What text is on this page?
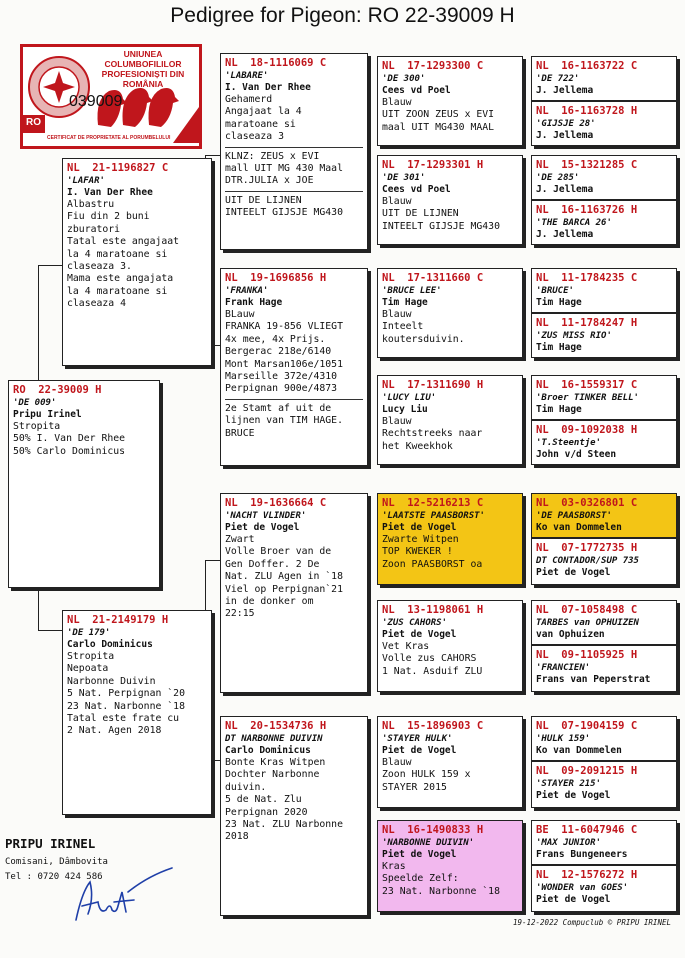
Pedigree for Pigeon: RO 22-39009 H
UNIUNEA COLUMBOFILILOR
PROFESIONIȘTI DIN ROMÂNIA
039009
RO
2022
CERTIFICAT DE PROPRIETATE AL PORUMBELULUI
RO  22-39009 H
'DE 009'
Pripu Irinel
Stropita
50% I. Van Der Rhee
50% Carlo Dominicus
NL  21-1196827 C
'LAFAR'
I. Van Der Rhee
Albastru
Fiu din 2 buni
zburatori
Tatal este angajaat
la 4 maratoane si
claseaza 3.
Mama este angajata
la 4 maratoane si
claseaza 4
NL  21-2149179 H
'DE 179'
Carlo Dominicus
Stropita
Nepoata
Narbonne Duivin
5 Nat. Perpignan `20
23 Nat. Narbonne `18
Tatal este frate cu
2 Nat. Agen 2018
NL  18-1116069 C
'LABARE'
I. Van Der Rhee
Gehamerd
Angajaat la 4
maratoane si
claseaza 3
KLNZ: ZEUS x EVI
mall UIT MG 430 Maal
DTR.JULIA x JOE
UIT DE LIJNEN
INTEELT GIJSJE MG430
NL  19-1696856 H
'FRANKA'
Frank Hage
BLauw
FRANKA 19-856 VLIEGT
4x mee, 4x Prijs.
Bergerac 218e/6140
Mont Marsan106e/1051
Marseille 372e/4310
Perpignan 900e/4873
2e Stamt af uit de
lijnen van TIM HAGE.
BRUCE
NL  19-1636664 C
'NACHT VLINDER'
Piet de Vogel
Zwart
Volle Broer van de
Gen Doffer. 2 De
Nat. ZLU Agen in `18
Viel op Perpignan`21
in de donker om
22:15
NL  20-1534736 H
DT NARBONNE DUIVIN
Carlo Dominicus
Bonte Kras Witpen
Dochter Narbonne
duivin.
5 de Nat. Zlu
Perpignan 2020
23 Nat. ZLU Narbonne
2018
NL  17-1293300 C
'DE 300'
Cees vd Poel
Blauw
UIT ZOON ZEUS x EVI
maal UIT MG430 MAAL
NL  17-1293301 H
'DE 301'
Cees vd Poel
Blauw
UIT DE LIJNEN
INTEELT GIJSJE MG430
NL  17-1311660 C
'BRUCE LEE'
Tim Hage
Blauw
Inteelt
koutersduivin.
NL  17-1311690 H
'LUCY LIU'
Lucy Liu
Blauw
Rechtstreeks naar
het Kweekhok
NL  12-5216213 C
'LAATSTE PAASBORST'
Piet de Vogel
Zwarte Witpen
TOP KWEKER !
Zoon PAASBORST oa
NL  13-1198061 H
'ZUS CAHORS'
Piet de Vogel
Vet Kras
Volle zus CAHORS
1 Nat. Asduif ZLU
NL  15-1896903 C
'STAYER HULK'
Piet de Vogel
Blauw
Zoon HULK 159 x
STAYER 2015
NL  16-1490833 H
'NARBONNE DUIVIN'
Piet de Vogel
Kras
Speelde Zelf:
23 Nat. Narbonne `18
NL  16-1163722 C
'DE 722'
J. Jellema
NL  16-1163728 H
'GIJSJE 28'
J. Jellema
NL  15-1321285 C
'DE 285'
J. Jellema
NL  16-1163726 H
'THE BARCA 26'
J. Jellema
NL  11-1784235 C
'BRUCE'
Tim Hage
NL  11-1784247 H
'ZUS MISS RIO'
Tim Hage
NL  16-1559317 C
'Broer TINKER BELL'
Tim Hage
NL  09-1092038 H
'T.Steentje'
John v/d Steen
NL  03-0326801 C
'DE PAASBORST'
Ko van Dommelen
NL  07-1772735 H
DT CONTADOR/SUP 735
Piet de Vogel
NL  07-1058498 C
TARBES van OPHUIZEN
van Ophuizen
NL  09-1105925 H
'FRANCIEN'
Frans van Peperstrat
NL  07-1904159 C
'HULK 159'
Ko van Dommelen
NL  09-2091215 H
'STAYER 215'
Piet de Vogel
BE  11-6047946 C
'MAX JUNIOR'
Frans Bungeneers
NL  12-1576272 H
'WONDER van GOES'
Piet de Vogel
PRIPU IRINEL
Comisani, Dâmbovita
Tel : 0720 424 586
19-12-2022 Compuclub © PRIPU IRINEL
